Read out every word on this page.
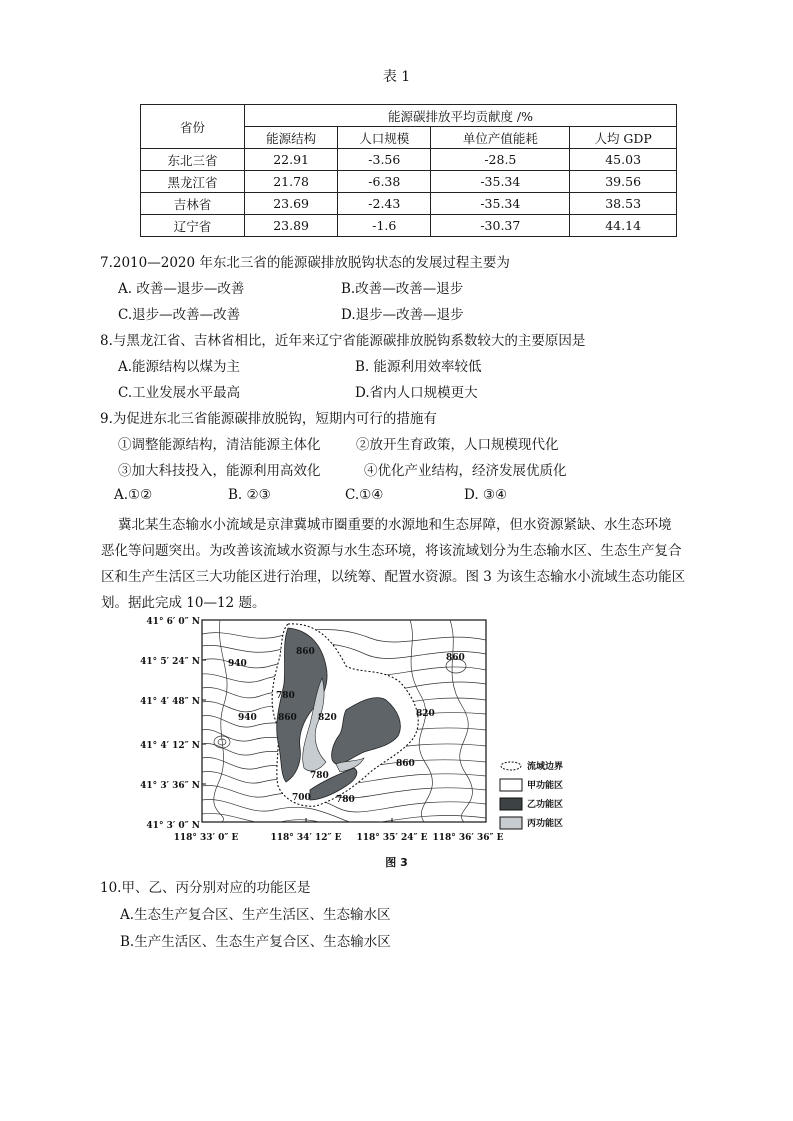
表 1
省份	能源碳排放平均贡献度 /%			
	能源结构	人口规模	单位产值能耗	人均 GDP
东北三省	22.91	-3.56	-28.5	45.03
黑龙江省	21.78	-6.38	-35.34	39.56
吉林省	23.69	-2.43	-35.34	38.53
辽宁省	23.89	-1.6	-30.37	44.14
7.2010—2020 年东北三省的能源碳排放脱钩状态的发展过程主要为
A. 改善—退步—改善	B.改善—改善—退步
C.退步—改善—改善	D.退步—改善—退步
8.与黑龙江省、吉林省相比，近年来辽宁省能源碳排放脱钩系数较大的主要原因是
A.能源结构以煤为主	B. 能源利用效率较低
C.工业发展水平最高	D.省内人口规模更大
9.为促进东北三省能源碳排放脱钩，短期内可行的措施有
①调整能源结构，清洁能源主体化	②放开生育政策，人口规模现代化
③加大科技投入，能源利用高效化	④优化产业结构，经济发展优质化
A.①②	B. ②③	C.①④	D. ③④
冀北某生态输水小流域是京津冀城市圈重要的水源地和生态屏障，但水资源紧缺、水生态环境
恶化等问题突出。为改善该流域水资源与水生态环境，将该流域划分为生态输水区、生态生产复合
区和生产生活区三大功能区进行治理，以统筹、配置水资源。图 3 为该生态输水小流域生态功能区
划。据此完成 10—12 题。
860
940
780
860 820
860
820
940
860
700	780
780
41° 6′ 0″ N
41° 5′ 24″ N
41° 4′ 48″ N
41° 4′ 12″ N
41° 3′ 36″ N
41° 3′ 0″ N
118° 33′ 0″ E	118° 34′ 12″ E 118° 35′ 24″ E 118° 36′ 36″ E
流域边界
甲功能区
乙功能区
丙功能区
图 3
10.甲、乙、丙分别对应的功能区是
A.生态生产复合区、生产生活区、生态输水区
B.生产生活区、生态生产复合区、生态输水区
